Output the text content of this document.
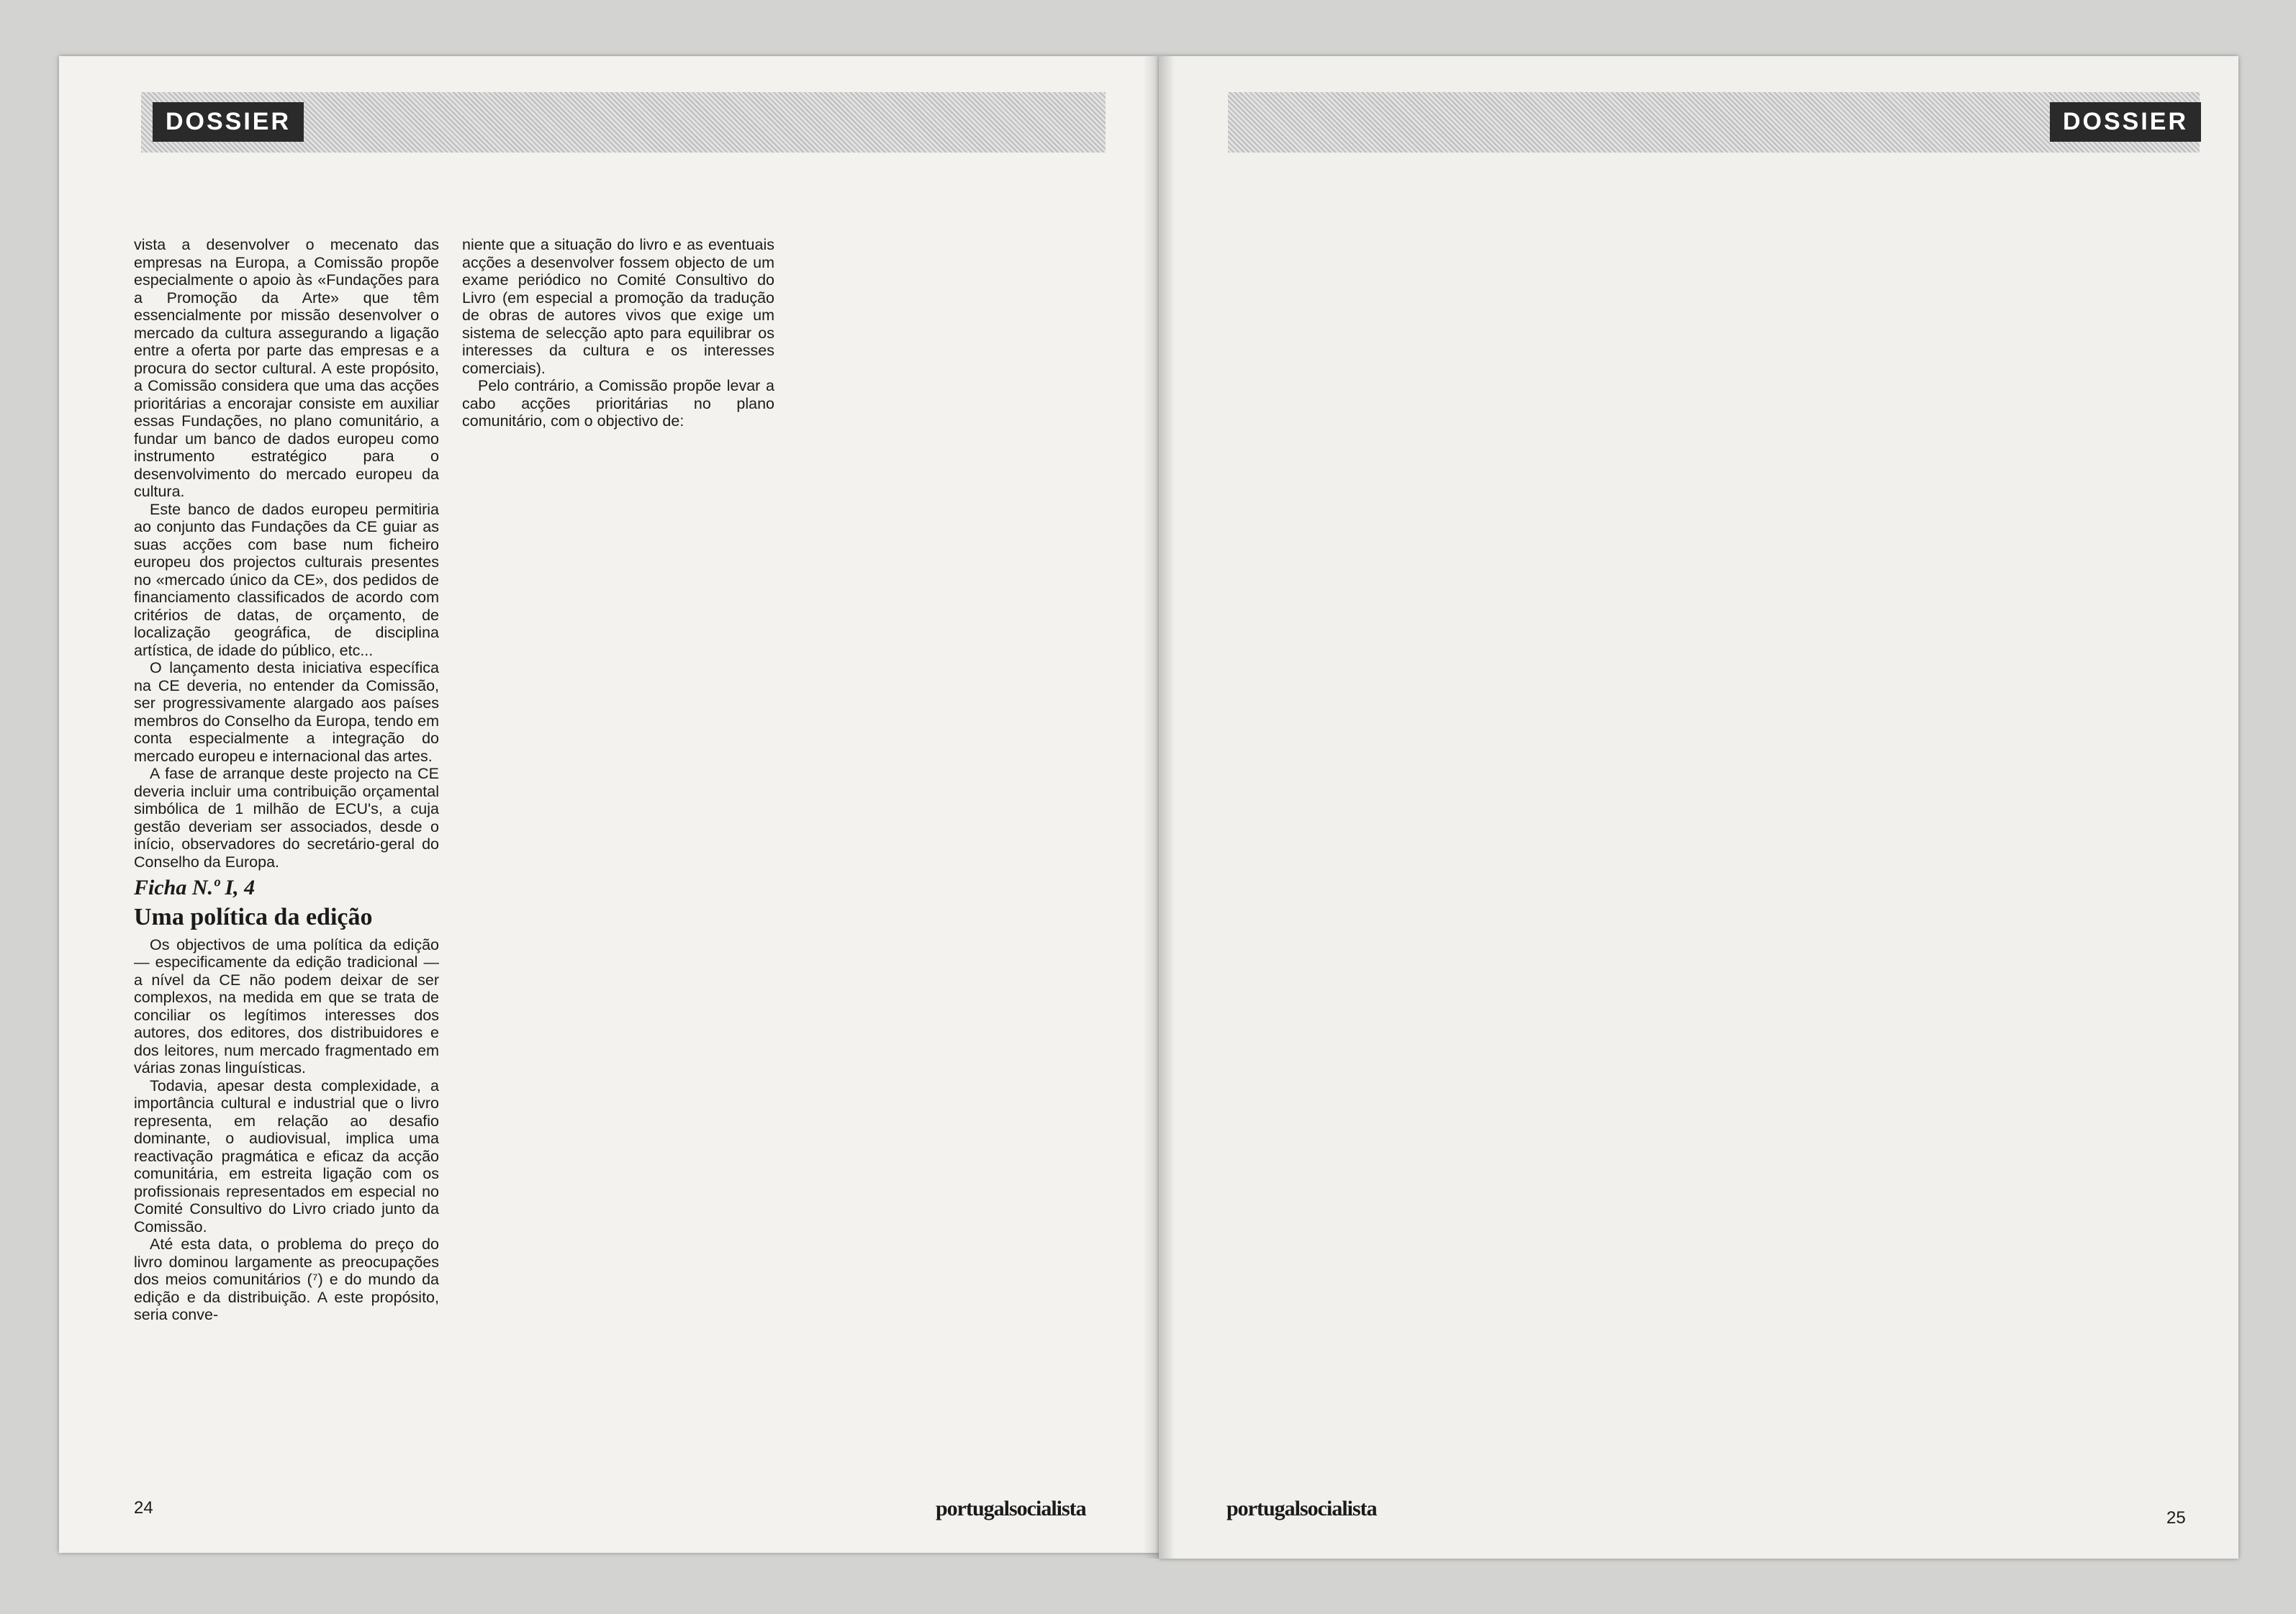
DOSSIER	DOSSIER

vista a desenvolver o mecenato das empresas na Europa, a Comissão propõe especialmente o apoio às «Fundações para a Promoção da Arte» que têm essencialmente por missão desenvolver o mercado da cultura assegurando a ligação entre a oferta por parte das empresas e a procura do sector cultural. A este propósito, a Comissão considera que uma das acções prioritárias a encorajar consiste em auxiliar essas Fundações, no plano comunitário, a fundar um banco de dados europeu como instrumento estratégico para o desenvolvimento do mercado europeu da cultura.

Este banco de dados europeu permitiria ao conjunto das Fundações da CE guiar as suas acções com base num ficheiro europeu dos projectos culturais presentes no «mercado único da CE», dos pedidos de financiamento classificados de acordo com critérios de datas, de orçamento, de localização geográfica, de disciplina artística, de idade do público, etc...

O lançamento desta iniciativa específica na CE deveria, no entender da Comissão, ser progressivamente alargado aos países membros do Conselho da Europa, tendo em conta especialmente a integração do mercado europeu e internacional das artes.

A fase de arranque deste projecto na CE deveria incluir uma contribuição orçamental simbólica de 1 milhão de ECU's, a cuja gestão deveriam ser associados, desde o início, observadores do secretário-geral do Conselho da Europa.

Ficha N.º I, 4
Uma política da edição

Os objectivos de uma política da edição — especificamente da edição tradicional — a nível da CE não podem deixar de ser complexos, na medida em que se trata de conciliar os legítimos interesses dos autores, dos editores, dos distribuidores e dos leitores, num mercado fragmentado em várias zonas linguísticas.

Todavia, apesar desta complexidade, a importância cultural e industrial que o livro representa, em relação ao desafio dominante, o audiovisual, implica uma reactivação pragmática e eficaz da acção comunitária, em estreita ligação com os profissionais representados em especial no Comité Consultivo do Livro criado junto da Comissão.

Até esta data, o problema do preço do livro dominou largamente as preocupações dos meios comunitários (⁷) e do mundo da edição e da distribuição. A este propósito, seria conve-

niente que a situação do livro e as eventuais acções a desenvolver fossem objecto de um exame periódico no Comité Consultivo do Livro (em especial a promoção da tradução de obras de autores vivos que exige um sistema de selecção apto para equilibrar os interesses da cultura e os interesses comerciais).

Pelo contrário, a Comissão propõe levar a cabo acções prioritárias no plano comunitário, com o objectivo de:

24	portugalsocialista	portugalsocialista	25
